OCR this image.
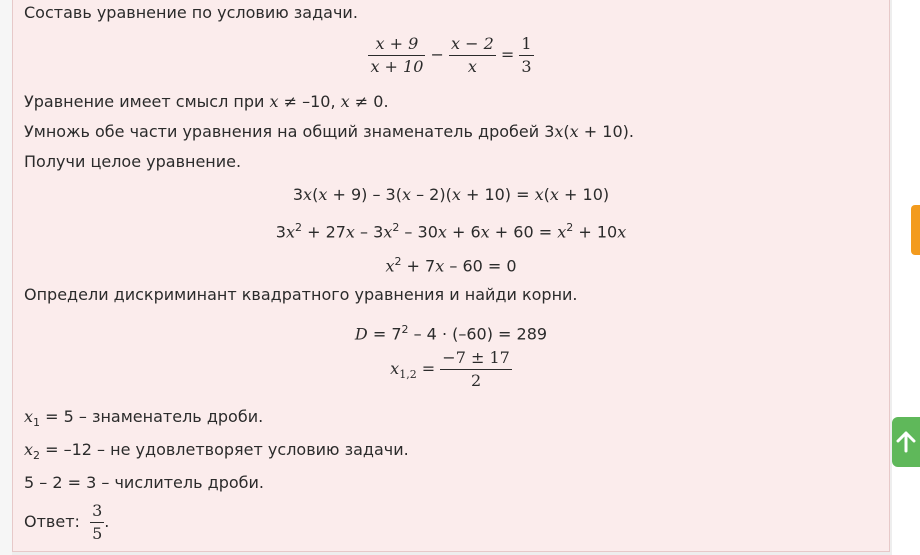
Составь уравнение по условию задачи.
$\frac{x + 9}{x + 10} - \frac{x - 2}{x} = \frac{1}{3}$
Уравнение имеет смысл при x ≠ –10, x ≠ 0.
Умножь обе части уравнения на общий знаменатель дробей 3x(x + 10).
Получи целое уравнение.
3x(x + 9) – 3(x – 2)(x + 10) = x(x + 10)
$3x^2 + 27x - 3x^2 - 30x + 6x + 60 = x^2 + 10x$
$x^2 + 7x - 60 = 0$
Определи дискриминант квадратного уравнения и найди корни.
$D = 7^2 - 4 \cdot (-60) = 289$
$x_{1,2} = \frac{-7 \pm 17}{2}$
$x_1 = 5$ – знаменатель дроби.
$x_2 = -12$ – не удовлетворяет условию задачи.
5 – 2 = 3 – числитель дроби.
Ответ: $\frac{3}{5}$ .
